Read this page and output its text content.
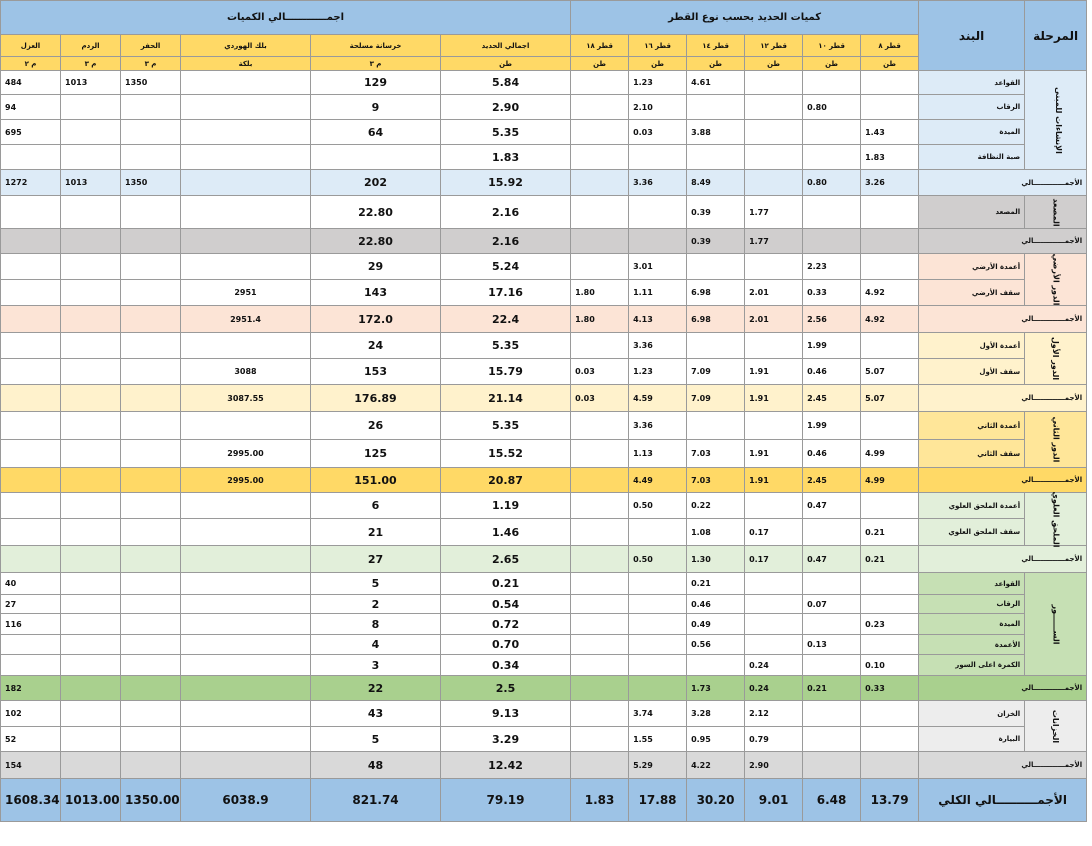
اجمــــــــــــالي الكميات						كميات الحديد بحسب نوع القطر						البند	المرحلة
العزل	الردم	الحفر	بلك الهوردي	خرسانة مسلحة	اجمالي الحديد	قطر ١٨	قطر ١٦	قطر ١٤	قطر ١٢	قطر ١٠	قطر ٨		
م ٢	م ٣	م ٣	بلكة	م ٣	طن	طن	طن	طن	طن	طن	طن		
484	1013	1350		129	5.84		1.23	4.61				القواعد	الإنشاءات للمبنى
94				9	2.90		2.10			0.80		الرقاب	
695				64	5.35		0.03	3.88			1.43	الميدة	
					1.83						1.83	صبة النظافة	
1272	1013	1350		202	15.92		3.36	8.49		0.80	3.26	الأجمـــــــــــــالي	
				22.80	2.16			0.39	1.77			المصعد	المصعد
				22.80	2.16			0.39	1.77			الأجمـــــــــــــالي	
				29	5.24		3.01			2.23		أعمدة الأرضي	الدور الأرضي
			2951	143	17.16	1.80	1.11	6.98	2.01	0.33	4.92	سقف الأرضي	
			2951.4	172.0	22.4	1.80	4.13	6.98	2.01	2.56	4.92	الأجمـــــــــــــالي	
				24	5.35		3.36			1.99		أعمدة الأول	الدور الأول
			3088	153	15.79	0.03	1.23	7.09	1.91	0.46	5.07	سقف الأول	
			3087.55	176.89	21.14	0.03	4.59	7.09	1.91	2.45	5.07	الأجمـــــــــــــالي	
				26	5.35		3.36			1.99		أعمدة الثاني	الدور الثاني
			2995.00	125	15.52		1.13	7.03	1.91	0.46	4.99	سقف الثاني	
			2995.00	151.00	20.87		4.49	7.03	1.91	2.45	4.99	الأجمـــــــــــــالي	
				6	1.19		0.50	0.22		0.47		أعمدة الملحق العلوي	الملحق العلوي
				21	1.46			1.08	0.17		0.21	سقف الملحق العلوي	
				27	2.65		0.50	1.30	0.17	0.47	0.21	الأجمـــــــــــــالي	
40				5	0.21			0.21				القواعد	الســــــور
27				2	0.54			0.46		0.07		الرقاب	
116				8	0.72			0.49			0.23	الميدة	
				4	0.70			0.56		0.13		الأعمدة	
				3	0.34				0.24		0.10	الكمرة اعلى السور	
182				22	2.5			1.73	0.24	0.21	0.33	الأجمـــــــــــــالي	
102				43	9.13		3.74	3.28	2.12			الخزان	الخزانات
52				5	3.29		1.55	0.95	0.79			البيارة	
154				48	12.42		5.29	4.22	2.90			الأجمـــــــــــــالي	
1608.34	1013.00	1350.00	6038.9	821.74	79.19	1.83	17.88	30.20	9.01	6.48	13.79	الأجمــــــــــالي الكلي	
